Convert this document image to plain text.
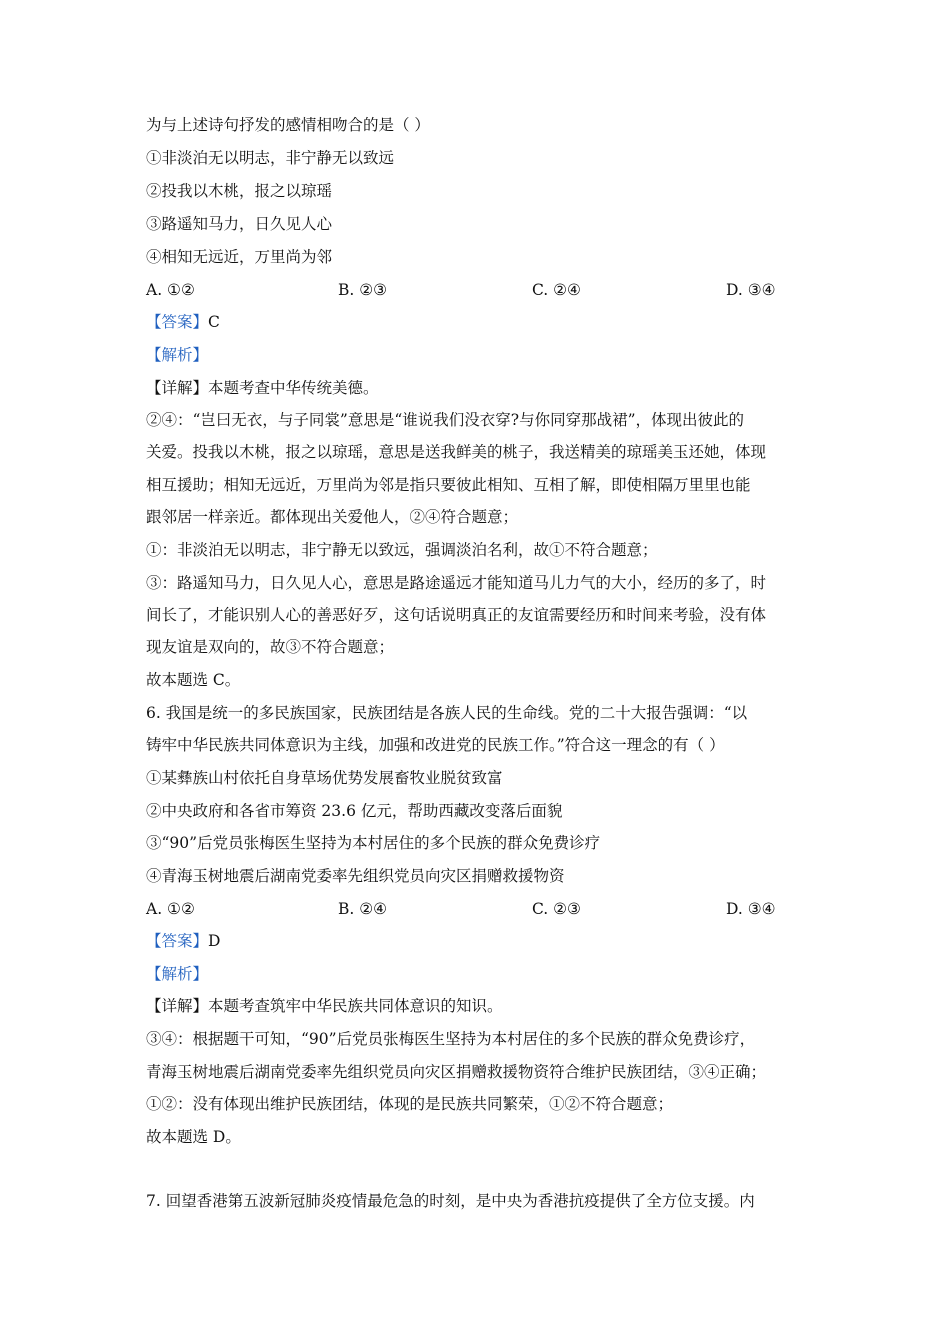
为与上述诗句抒发的感情相吻合的是（ ）
①非淡泊无以明志，非宁静无以致远
②投我以木桃，报之以琼瑶
③路遥知马力，日久见人心
④相知无远近，万里尚为邻
A. ①②	B. ②③	C. ②④	D. ③④
【答案】C
【解析】
【详解】本题考查中华传统美德。
②④：“岂曰无衣，与子同裳”意思是“谁说我们没衣穿?与你同穿那战裙”，体现出彼此的
关爱。投我以木桃，报之以琼瑶，意思是送我鲜美的桃子，我送精美的琼瑶美玉还她，体现
相互援助；相知无远近，万里尚为邻是指只要彼此相知、互相了解，即使相隔万里里也能
跟邻居一样亲近。都体现出关爱他人，②④符合题意；
①：非淡泊无以明志，非宁静无以致远，强调淡泊名利，故①不符合题意；
③：路遥知马力，日久见人心，意思是路途遥远才能知道马儿力气的大小，经历的多了，时
间长了，才能识别人心的善恶好歹，这句话说明真正的友谊需要经历和时间来考验，没有体
现友谊是双向的，故③不符合题意；
故本题选 C。
6. 我国是统一的多民族国家，民族团结是各族人民的生命线。党的二十大报告强调：“以
铸牢中华民族共同体意识为主线，加强和改进党的民族工作。”符合这一理念的有（ ）
①某彝族山村依托自身草场优势发展畜牧业脱贫致富
②中央政府和各省市筹资 23.6 亿元，帮助西藏改变落后面貌
③“90”后党员张梅医生坚持为本村居住的多个民族的群众免费诊疗
④青海玉树地震后湖南党委率先组织党员向灾区捐赠救援物资
A. ①②	B. ②④	C. ②③	D. ③④
【答案】D
【解析】
【详解】本题考查筑牢中华民族共同体意识的知识。
③④：根据题干可知，“90”后党员张梅医生坚持为本村居住的多个民族的群众免费诊疗，
青海玉树地震后湖南党委率先组织党员向灾区捐赠救援物资符合维护民族团结，③④正确；
①②：没有体现出维护民族团结，体现的是民族共同繁荣，①②不符合题意；
故本题选 D。
7. 回望香港第五波新冠肺炎疫情最危急的时刻，是中央为香港抗疫提供了全方位支援。内
